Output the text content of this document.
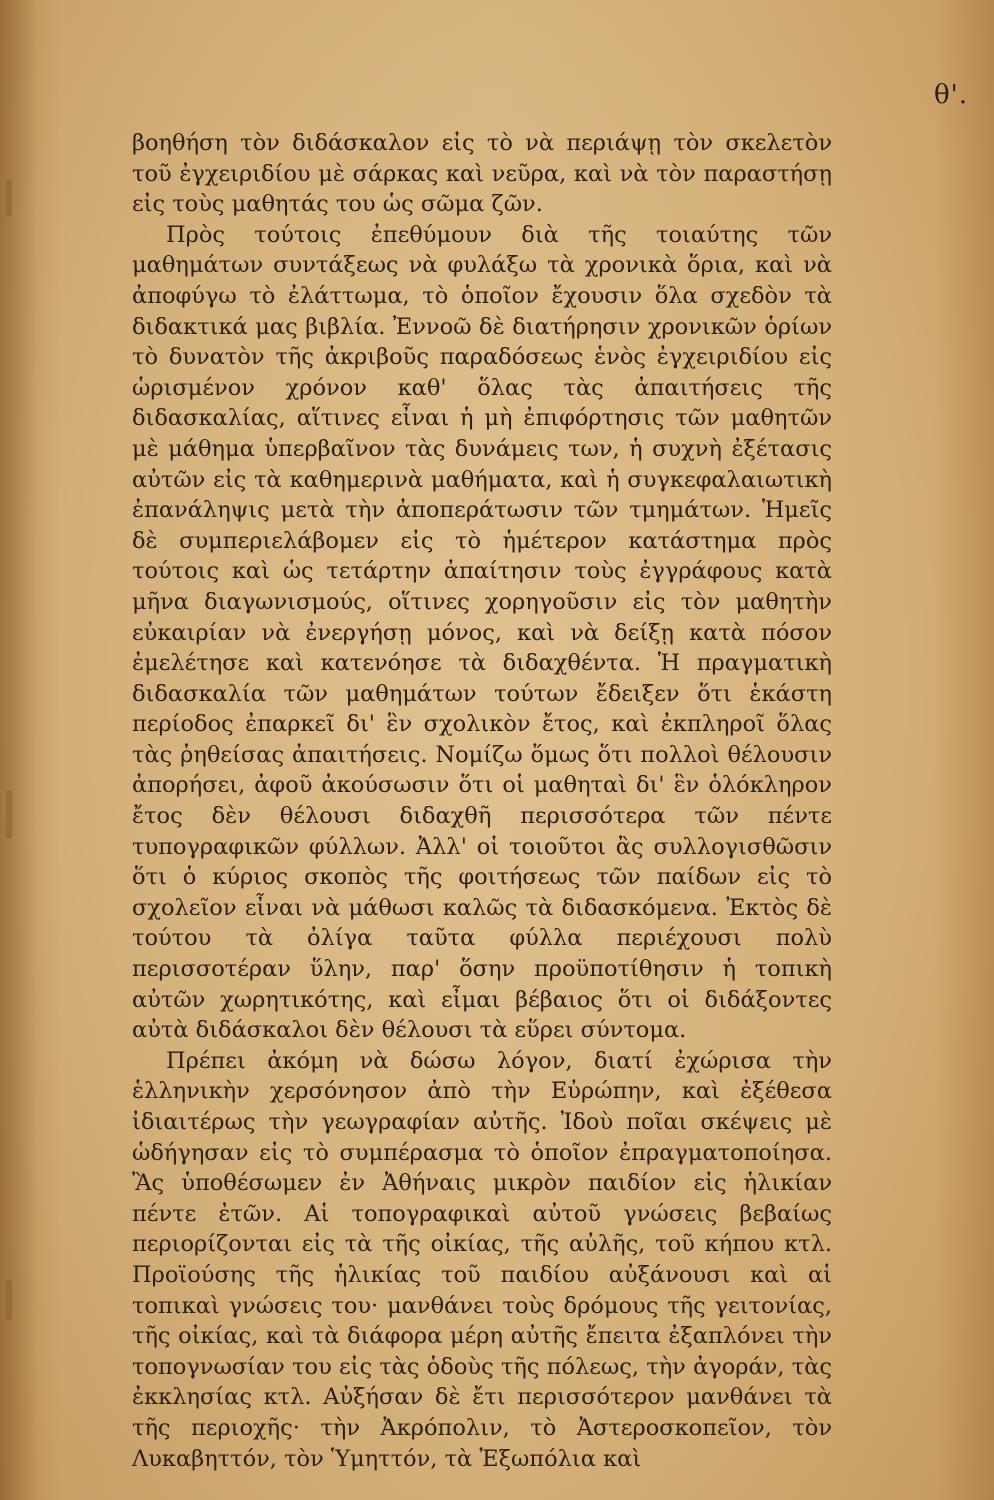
θ'.

βοηθήση τὸν διδάσκαλον εἰς τὸ νὰ περιάψῃ τὸν σκελετὸν τοῦ ἐγχειριδίου μὲ σάρκας καὶ νεῦρα, καὶ νὰ τὸν παραστήσῃ εἰς τοὺς μαθητάς του ὡς σῶμα ζῶν.

Πρὸς τούτοις ἐπεθύμουν διὰ τῆς τοιαύτης τῶν μαθημάτων συντάξεως νὰ φυλάξω τὰ χρονικὰ ὅρια, καὶ νὰ ἀποφύγω τὸ ἐλάττωμα, τὸ ὁποῖον ἔχουσιν ὅλα σχεδὸν τὰ διδακτικά μας βιβλία. Ἐννοῶ δὲ διατήρησιν χρονικῶν ὁρίων τὸ δυνατὸν τῆς ἀκριβοῦς παραδόσεως ἑνὸς ἐγχειριδίου εἰς ὡρισμένον χρόνον καθ' ὅλας τὰς ἀπαιτήσεις τῆς διδασκαλίας, αἵτινες εἶναι ἡ μὴ ἐπιφόρτησις τῶν μαθητῶν μὲ μάθημα ὑπερβαῖνον τὰς δυνάμεις των, ἡ συχνὴ ἐξέτασις αὐτῶν εἰς τὰ καθημερινὰ μαθήματα, καὶ ἡ συγκεφαλαιωτικὴ ἐπανάληψις μετὰ τὴν ἀποπεράτωσιν τῶν τμημάτων. Ἡμεῖς δὲ συμπεριελάβομεν εἰς τὸ ἡμέτερον κατάστημα πρὸς τούτοις καὶ ὡς τετάρτην ἀπαίτησιν τοὺς ἐγγράφους κατὰ μῆνα διαγωνισμούς, οἵτινες χορηγοῦσιν εἰς τὸν μαθητὴν εὐκαιρίαν νὰ ἐνεργήσῃ μόνος, καὶ νὰ δείξῃ κατὰ πόσον ἐμελέτησε καὶ κατενόησε τὰ διδαχθέντα. Ἡ πραγματικὴ διδασκαλία τῶν μαθημάτων τούτων ἔδειξεν ὅτι ἑκάστη περίοδος ἐπαρκεῖ δι' ἓν σχολικὸν ἔτος, καὶ ἐκπληροῖ ὅλας τὰς ῥηθείσας ἀπαιτήσεις. Νομίζω ὅμως ὅτι πολλοὶ θέλουσιν ἀπορήσει, ἀφοῦ ἀκούσωσιν ὅτι οἱ μαθηταὶ δι' ἓν ὁλόκληρον ἔτος δὲν θέλουσι διδαχθῆ περισσότερα τῶν πέντε τυπογραφικῶν φύλλων. Ἀλλ' οἱ τοιοῦτοι ἂς συλλογισθῶσιν ὅτι ὁ κύριος σκοπὸς τῆς φοιτήσεως τῶν παίδων εἰς τὸ σχολεῖον εἶναι νὰ μάθωσι καλῶς τὰ διδασκόμενα. Ἐκτὸς δὲ τούτου τὰ ὀλίγα ταῦτα φύλλα περιέχουσι πολὺ περισσοτέραν ὕλην, παρ' ὅσην προϋποτίθησιν ἡ τοπικὴ αὐτῶν χωρητικότης, καὶ εἶμαι βέβαιος ὅτι οἱ διδάξοντες αὐτὰ διδάσκαλοι δὲν θέλουσι τὰ εὕρει σύντομα.

Πρέπει ἀκόμη νὰ δώσω λόγον, διατί ἐχώρισα τὴν ἑλληνικὴν χερσόνησον ἀπὸ τὴν Εὐρώπην, καὶ ἐξέθεσα ἰδιαιτέρως τὴν γεωγραφίαν αὐτῆς. Ἰδοὺ ποῖαι σκέψεις μὲ ὡδήγησαν εἰς τὸ συμπέρασμα τὸ ὁποῖον ἐπραγματοποίησα. Ἂς ὑποθέσωμεν ἐν Ἀθήναις μικρὸν παιδίον εἰς ἡλικίαν πέντε ἐτῶν. Αἱ τοπογραφικαὶ αὐτοῦ γνώσεις βεβαίως περιορίζονται εἰς τὰ τῆς οἰκίας, τῆς αὐλῆς, τοῦ κήπου κτλ. Προϊούσης τῆς ἡλικίας τοῦ παιδίου αὐξάνουσι καὶ αἱ τοπικαὶ γνώσεις του· μανθάνει τοὺς δρόμους τῆς γειτονίας, τῆς οἰκίας, καὶ τὰ διάφορα μέρη αὐτῆς ἔπειτα ἐξαπλόνει τὴν τοπογνωσίαν του εἰς τὰς ὁδοὺς τῆς πόλεως, τὴν ἀγοράν, τὰς ἐκκλησίας κτλ. Αὐξήσαν δὲ ἔτι περισσότερον μανθάνει τὰ τῆς περιοχῆς· τὴν Ἀκρόπολιν, τὸ Ἀστεροσκοπεῖον, τὸν Λυκαβηττόν, τὸν Ὑμηττόν, τὰ Ἐξωπόλια καὶ
